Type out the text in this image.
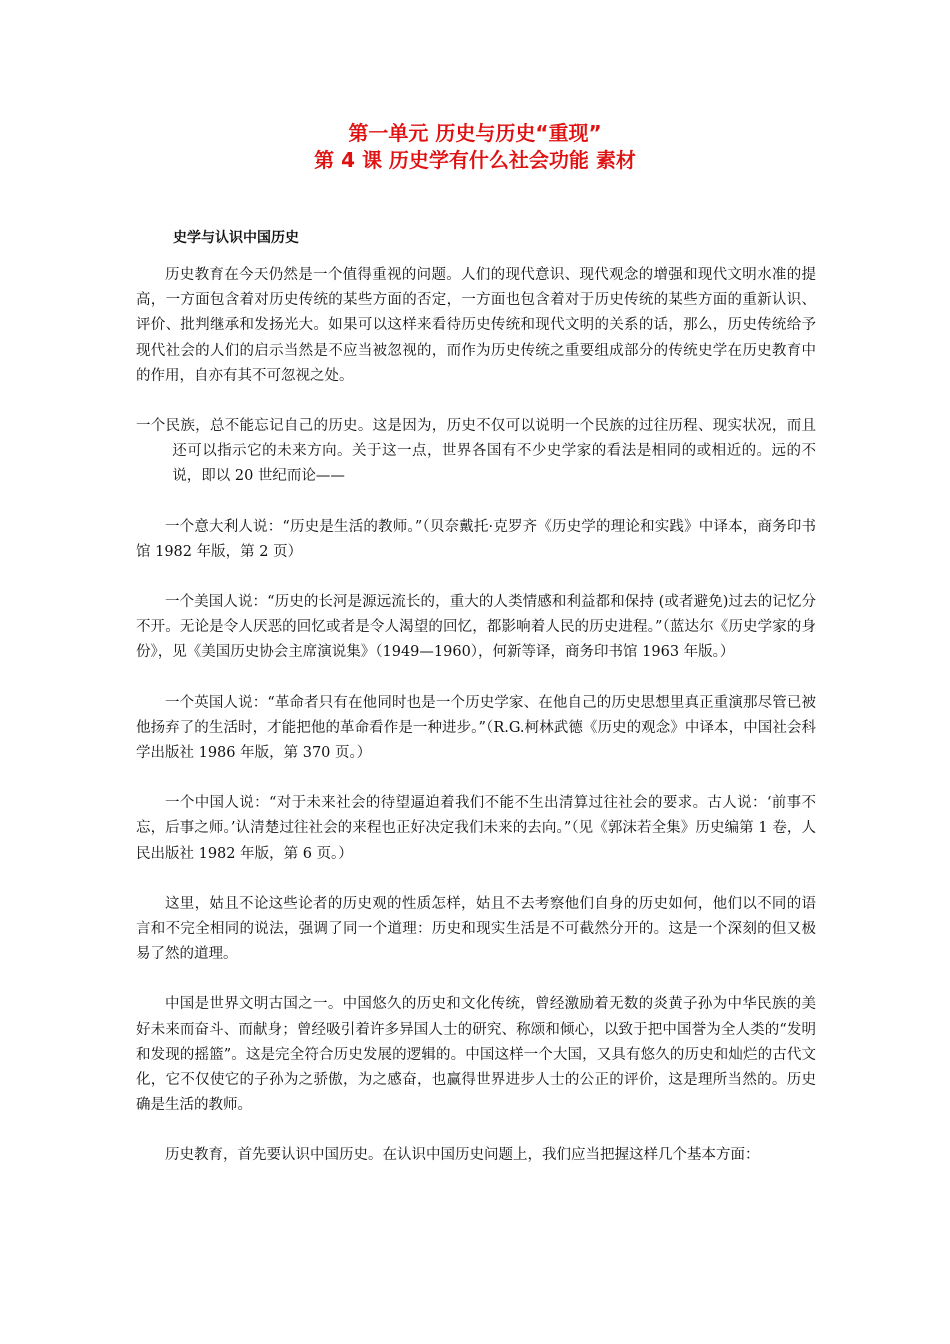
第一单元 历史与历史“重现”
第 4 课 历史学有什么社会功能 素材
史学与认识中国历史

历史教育在今天仍然是一个值得重视的问题。人们的现代意识、现代观念的增强和现代文明水准的提高，一方面包含着对历史传统的某些方面的否定，一方面也包含着对于历史传统的某些方面的重新认识、评价、批判继承和发扬光大。如果可以这样来看待历史传统和现代文明的关系的话，那么，历史传统给予现代社会的人们的启示当然是不应当被忽视的，而作为历史传统之重要组成部分的传统史学在历史教育中的作用，自亦有其不可忽视之处。

一个民族，总不能忘记自己的历史。这是因为，历史不仅可以说明一个民族的过往历程、现实状况，而且还可以指示它的未来方向。关于这一点，世界各国有不少史学家的看法是相同的或相近的。远的不说，即以 20 世纪而论——

一个意大利人说：“历史是生活的教师。”（贝奈戴托·克罗齐《历史学的理论和实践》中译本，商务印书馆 1982 年版，第 2 页）

一个美国人说：“历史的长河是源远流长的，重大的人类情感和利益都和保持 (或者避免)过去的记忆分不开。无论是令人厌恶的回忆或者是令人渴望的回忆，都影响着人民的历史进程。”（蓝达尔《历史学家的身份》，见《美国历史协会主席演说集》（1949—1960），何新等译，商务印书馆 1963 年版。）

一个英国人说：“革命者只有在他同时也是一个历史学家、在他自己的历史思想里真正重演那尽管已被他扬弃了的生活时，才能把他的革命看作是一种进步。”（R.G.柯林武德《历史的观念》中译本，中国社会科学出版社 1986 年版，第 370 页。）

一个中国人说：“对于未来社会的待望逼迫着我们不能不生出清算过往社会的要求。古人说：‘前事不忘，后事之师。’认清楚过往社会的来程也正好决定我们未来的去向。”（见《郭沫若全集》历史编第 1 卷，人民出版社 1982 年版，第 6 页。）

这里，姑且不论这些论者的历史观的性质怎样，姑且不去考察他们自身的历史如何，他们以不同的语言和不完全相同的说法，强调了同一个道理：历史和现实生活是不可截然分开的。这是一个深刻的但又极易了然的道理。

中国是世界文明古国之一。中国悠久的历史和文化传统，曾经激励着无数的炎黄子孙为中华民族的美好未来而奋斗、而献身；曾经吸引着许多异国人士的研究、称颂和倾心，以致于把中国誉为全人类的“发明和发现的摇篮”。这是完全符合历史发展的逻辑的。中国这样一个大国，又具有悠久的历史和灿烂的古代文化，它不仅使它的子孙为之骄傲，为之感奋，也赢得世界进步人士的公正的评价，这是理所当然的。历史确是生活的教师。

历史教育，首先要认识中国历史。在认识中国历史问题上，我们应当把握这样几个基本方面：
